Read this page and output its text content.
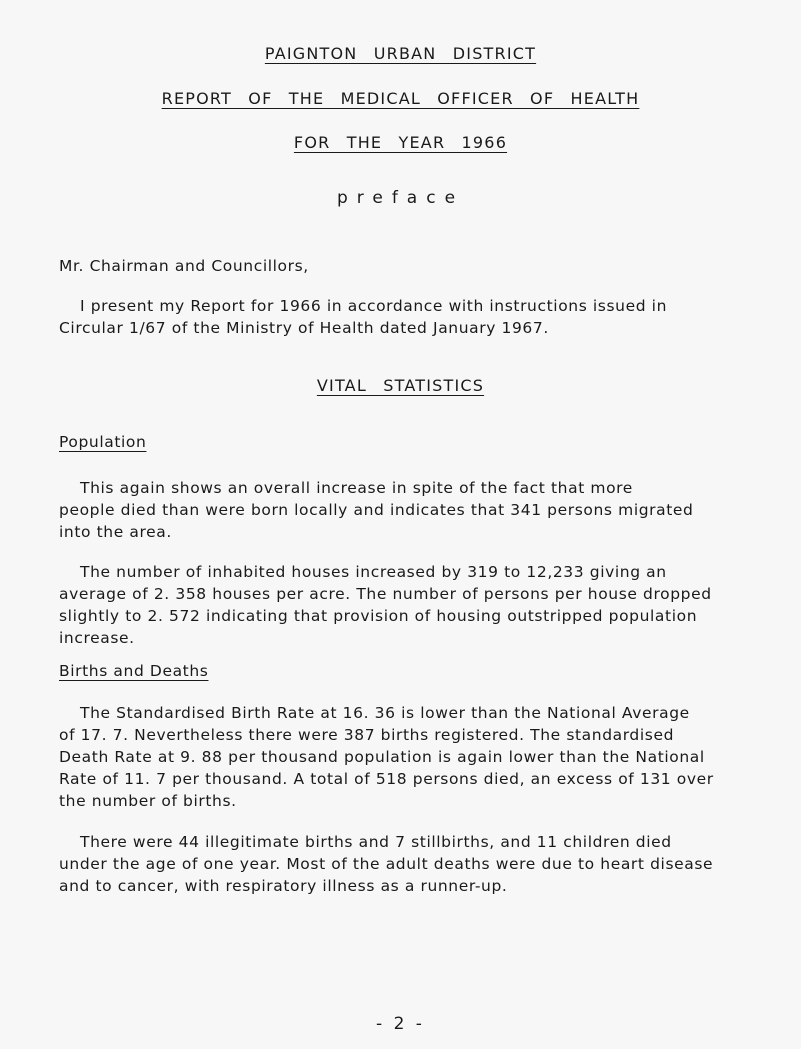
PAIGNTON URBAN DISTRICT
REPORT OF THE MEDICAL OFFICER OF HEALTH
FOR THE YEAR 1966
preface
Mr. Chairman and Councillors,
I present my Report for 1966 in accordance with instructions issued in
Circular 1/67 of the Ministry of Health dated January 1967.
VITAL STATISTICS
Population
This again shows an overall increase in spite of the fact that more
people died than were born locally and indicates that 341 persons migrated
into the area.
The number of inhabited houses increased by 319 to 12,233 giving an
average of 2. 358 houses per acre. The number of persons per house dropped
slightly to 2. 572 indicating that provision of housing outstripped population
increase.
Births and Deaths
The Standardised Birth Rate at 16. 36 is lower than the National Average
of 17. 7. Nevertheless there were 387 births registered. The standardised
Death Rate at 9. 88 per thousand population is again lower than the National
Rate of 11. 7 per thousand. A total of 518 persons died, an excess of 131 over
the number of births.
There were 44 illegitimate births and 7 stillbirths, and 11 children died
under the age of one year. Most of the adult deaths were due to heart disease
and to cancer, with respiratory illness as a runner-up.
- 2 -
